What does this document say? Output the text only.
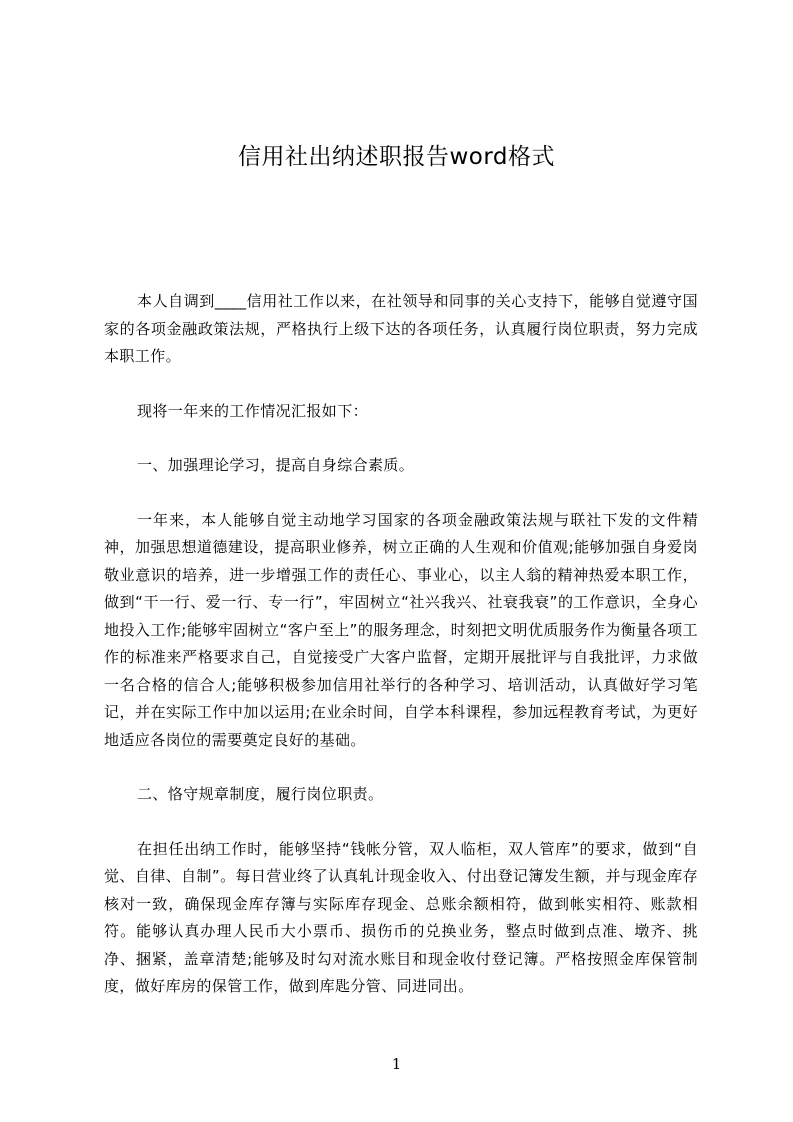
信用社出纳述职报告word格式

本人自调到____信用社工作以来，在社领导和同事的关心支持下，能够自觉遵守国家的各项金融政策法规，严格执行上级下达的各项任务，认真履行岗位职责，努力完成本职工作。

现将一年来的工作情况汇报如下：

一、加强理论学习，提高自身综合素质。

一年来，本人能够自觉主动地学习国家的各项金融政策法规与联社下发的文件精神，加强思想道德建设，提高职业修养，树立正确的人生观和价值观;能够加强自身爱岗敬业意识的培养，进一步增强工作的责任心、事业心，以主人翁的精神热爱本职工作，做到“干一行、爱一行、专一行”，牢固树立“社兴我兴、社衰我衰”的工作意识，全身心地投入工作;能够牢固树立“客户至上”的服务理念，时刻把文明优质服务作为衡量各项工作的标准来严格要求自己，自觉接受广大客户监督，定期开展批评与自我批评，力求做一名合格的信合人;能够积极参加信用社举行的各种学习、培训活动，认真做好学习笔记，并在实际工作中加以运用;在业余时间，自学本科课程，参加远程教育考试，为更好地适应各岗位的需要奠定良好的基础。

二、恪守规章制度，履行岗位职责。

在担任出纳工作时，能够坚持“钱帐分管，双人临柜，双人管库”的要求，做到“自觉、自律、自制”。每日营业终了认真轧计现金收入、付出登记簿发生额，并与现金库存核对一致，确保现金库存簿与实际库存现金、总账余额相符，做到帐实相符、账款相符。能够认真办理人民币大小票币、损伤币的兑换业务，整点时做到点准、墩齐、挑净、捆紧，盖章清楚;能够及时勾对流水账目和现金收付登记簿。严格按照金库保管制度，做好库房的保管工作，做到库匙分管、同进同出。

1
